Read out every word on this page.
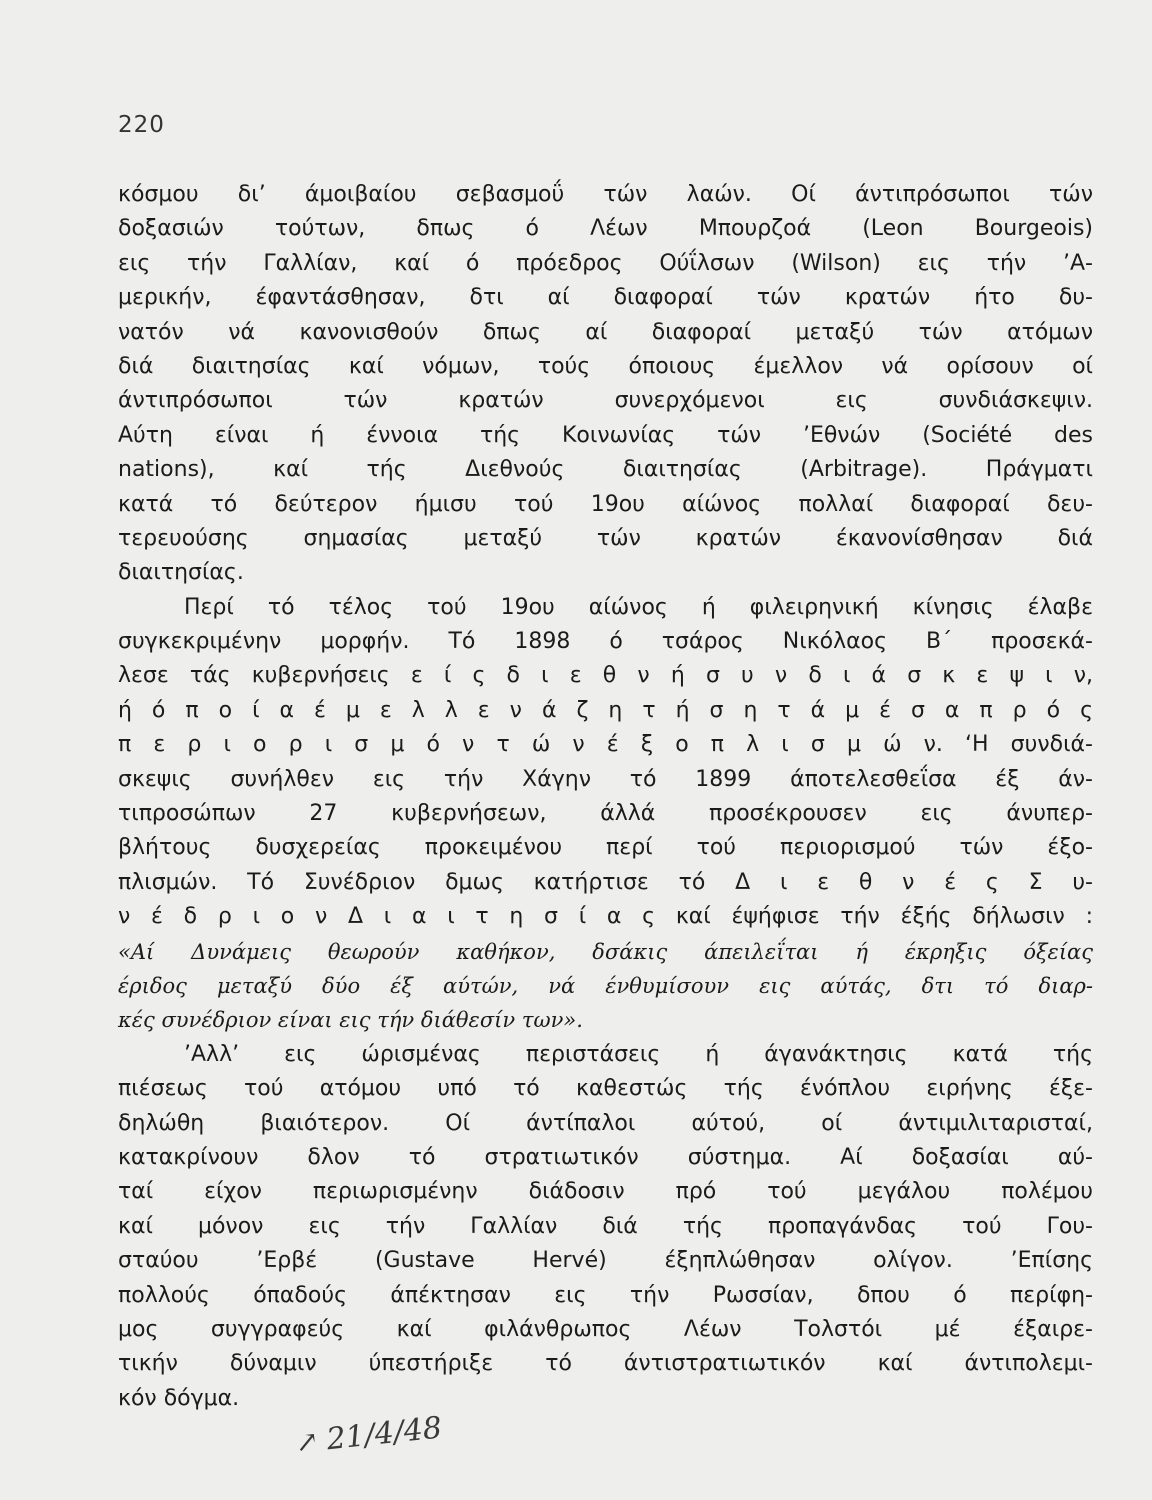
220
κόσμου δι’ άμοιβαίου σεβασμοΰ τών λαών. Οί άντιπρόσωποι τών
δοξασιών τούτων, δπως ό Λέων Μπουρζοά (Leon Bourgeois)
εις τήν Γαλλίαν, καί ό πρόεδρος Ούΐλσων (Wilson) εις τήν ’Α-
μερικήν, έφαντάσθησαν, δτι αί διαφοραί τών κρατών ήτο δυ-
νατόν νά κανονισθούν δπως αί διαφοραί μεταξύ τών ατόμων
διά διαιτησίας καί νόμων, τούς όποιους έμελλον νά ορίσουν οί
άντιπρόσωποι τών κρατών συνερχόμενοι εις συνδιάσκεψιν.
Αύτη είναι ή έννοια τής Κοινωνίας τών ’Εθνών (Société des
nations), καί τής Διεθνούς διαιτησίας (Arbitrage). Πράγματι
κατά τό δεύτερον ήμισυ τού 19ου αίώνος πολλαί διαφοραί δευ-
τερευούσης σημασίας μεταξύ τών κρατών έκανονίσθησαν διά
διαιτησίας.
Περί τό τέλος τού 19ου αίώνος ή φιλειρηνική κίνησις έλαβε
συγκεκριμένην μορφήν. Τό 1898 ό τσάρος Νικόλαος Β΄ προσεκά-
λεσε τάς κυβερνήσεις ε ί ς δ ι ε θ ν ή σ υ ν δ ι ά σ κ ε ψ ι ν,
ή ό π ο ί α έ μ ε λ λ ε ν ά ζ η τ ή σ η τ ά μ έ σ α π ρ ό ς
π ε ρ ι ο ρ ι σ μ ό ν τ ώ ν έ ξ ο π λ ι σ μ ώ ν. ‘Η συνδιά-
σκεψις συνήλθεν εις τήν Χάγην τό 1899 άποτελεσθεΐσα έξ άν-
τιπροσώπων 27 κυβερνήσεων, άλλά προσέκρουσεν εις άνυπερ-
βλήτους δυσχερείας προκειμένου περί τού περιορισμού τών έξο-
πλισμών. Τό Συνέδριον δμως κατήρτισε τό Δ ι ε θ ν έ ς Σ υ-
ν έ δ ρ ι ο ν Δ ι α ι τ η σ ί α ς καί έψήφισε τήν έξής δήλωσιν :
«Αί Δυνάμεις θεωρούν καθήκον, δσάκις άπειλεΐται ή έκρηξις όξείας
έριδος μεταξύ δύο έξ αύτών, νά ένθυμίσουν εις αύτάς, δτι τό διαρ-
κές συνέδριον είναι εις τήν διάθεσίν των».
’Αλλ’ εις ώρισμένας περιστάσεις ή άγανάκτησις κατά τής
πιέσεως τού ατόμου υπό τό καθεστώς τής ένόπλου ειρήνης έξε-
δηλώθη βιαιότερον. Οί άντίπαλοι αύτού, οί άντιμιλιταρισταί,
κατακρίνουν δλον τό στρατιωτικόν σύστημα. Αί δοξασίαι αύ-
ταί είχον περιωρισμένην διάδοσιν πρό τού μεγάλου πολέμου
καί μόνον εις τήν Γαλλίαν διά τής προπαγάνδας τού Γου-
σταύου ’Ερβέ (Gustave Hervé) έξηπλώθησαν ολίγον. ’Επίσης
πολλούς όπαδούς άπέκτησαν εις τήν Ρωσσίαν, δπου ό περίφη-
μος συγγραφεύς καί φιλάνθρωπος Λέων Τολστόι μέ έξαιρε-
τικήν δύναμιν ύπεστήριξε τό άντιστρατιωτικόν καί άντιπολεμι-
κόν δόγμα.
↗ 21/4/48
